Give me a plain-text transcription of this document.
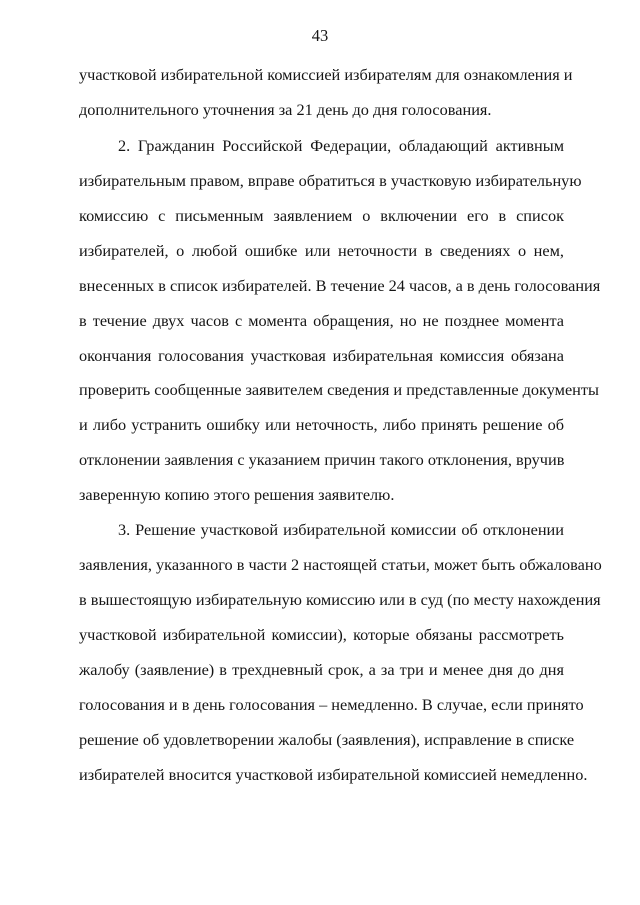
43
участковой избирательной комиссией избирателям для ознакомления и
дополнительного уточнения за 21 день до дня голосования.
2. Гражданин Российской Федерации, обладающий активным
избирательным правом, вправе обратиться в участковую избирательную
комиссию с письменным заявлением о включении его в список
избирателей, о любой ошибке или неточности в сведениях о нем,
внесенных в список избирателей. В течение 24 часов, а в день голосования
в течение двух часов с момента обращения, но не позднее момента
окончания голосования участковая избирательная комиссия обязана
проверить сообщенные заявителем сведения и представленные документы
и либо устранить ошибку или неточность, либо принять решение об
отклонении заявления с указанием причин такого отклонения, вручив
заверенную копию этого решения заявителю.
3. Решение участковой избирательной комиссии об отклонении
заявления, указанного в части 2 настоящей статьи, может быть обжаловано
в вышестоящую избирательную комиссию или в суд (по месту нахождения
участковой избирательной комиссии), которые обязаны рассмотреть
жалобу (заявление) в трехдневный срок, а за три и менее дня до дня
голосования и в день голосования – немедленно. В случае, если принято
решение об удовлетворении жалобы (заявления), исправление в списке
избирателей вносится участковой избирательной комиссией немедленно.
